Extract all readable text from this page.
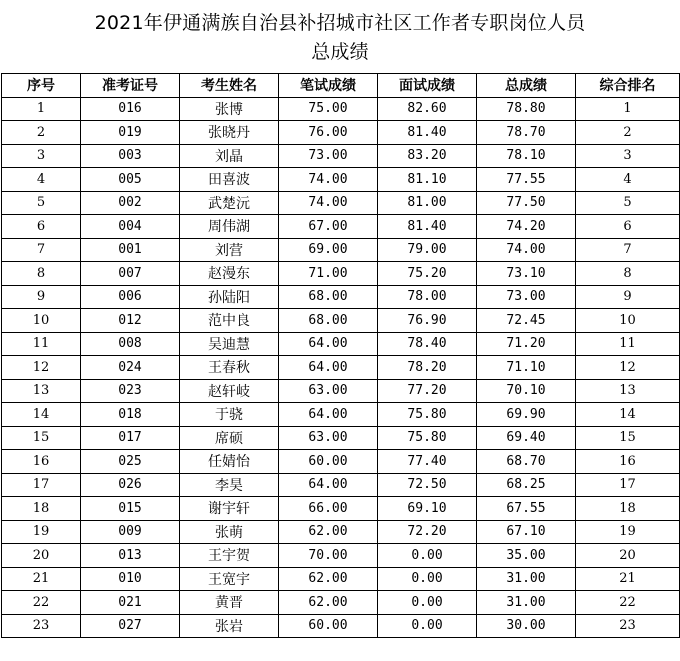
2021年伊通满族自治县补招城市社区工作者专职岗位人员
总成绩
序号	准考证号	考生姓名	笔试成绩	面试成绩	总成绩	综合排名
1	016	张博	75.00	82.60	78.80	1
2	019	张晓丹	76.00	81.40	78.70	2
3	003	刘晶	73.00	83.20	78.10	3
4	005	田喜波	74.00	81.10	77.55	4
5	002	武楚沅	74.00	81.00	77.50	5
6	004	周伟湖	67.00	81.40	74.20	6
7	001	刘营	69.00	79.00	74.00	7
8	007	赵漫东	71.00	75.20	73.10	8
9	006	孙陆阳	68.00	78.00	73.00	9
10	012	范中良	68.00	76.90	72.45	10
11	008	吴迪慧	64.00	78.40	71.20	11
12	024	王春秋	64.00	78.20	71.10	12
13	023	赵轩岐	63.00	77.20	70.10	13
14	018	于骁	64.00	75.80	69.90	14
15	017	席硕	63.00	75.80	69.40	15
16	025	任婧怡	60.00	77.40	68.70	16
17	026	李昊	64.00	72.50	68.25	17
18	015	谢宇轩	66.00	69.10	67.55	18
19	009	张萌	62.00	72.20	67.10	19
20	013	王宇贺	70.00	0.00	35.00	20
21	010	王宽宇	62.00	0.00	31.00	21
22	021	黄晋	62.00	0.00	31.00	22
23	027	张岩	60.00	0.00	30.00	23
